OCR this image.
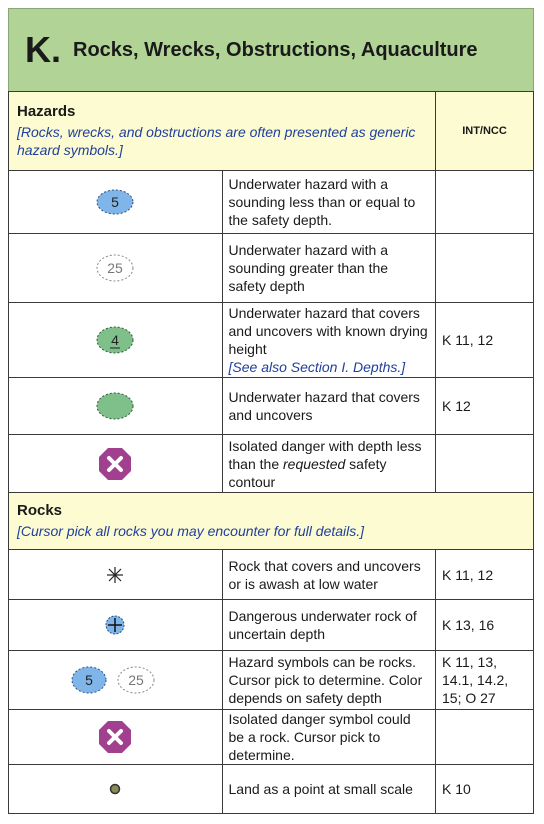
K. Rocks, Wrecks, Obstructions, Aquaculture
Hazards
[Rocks, wrecks, and obstructions are often presented as generic hazard symbols.]		INT/NCC

5	Underwater hazard with a sounding less than or equal to the safety depth.	

25	Underwater hazard with a sounding greater than the safety depth	

4	Underwater hazard that covers and uncovers with known drying height
[See also Section I. Depths.]	K 11, 12

	Underwater hazard that covers and uncovers	K 12

	Isolated danger with depth less than the requested safety contour	

Rocks
[Cursor pick all rocks you may encounter for full details.]		

	Rock that covers and uncovers or is awash at low water	K 11, 12

	Dangerous underwater rock of uncertain depth	K 13, 16

5 25	Hazard symbols can be rocks. Cursor pick to determine. Color depends on safety depth	K 11, 13, 14.1, 14.2, 15; O 27

	Isolated danger symbol could be a rock. Cursor pick to determine.	

	Land as a point at small scale	K 10
